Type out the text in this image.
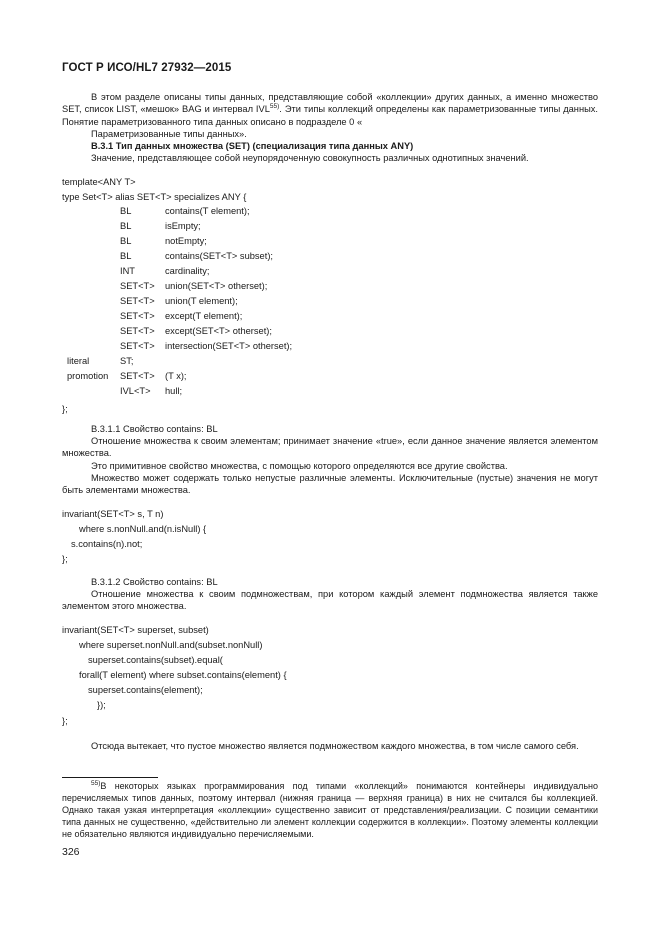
ГОСТ Р ИСО/HL7 27932—2015
В этом разделе описаны типы данных, представляющие собой «коллекции» других данных, а именно множество SET, список LIST, «мешок» BAG и интервал IVL$^{55)}$. Эти типы коллекций определены как параметризованные типы данных. Понятие параметризованного типа данных описано в подразделе 0 «
Параметризованные типы данных».
В.3.1 Тип данных множества (SET) (специализация типа данных ANY)
Значение, представляющее собой неупорядоченную совокупность различных однотипных значений.
template<ANY T>
type Set<T> alias SET<T> specializes ANY {
BL	contains(T element);
BL	isEmpty;
BL	notEmpty;
BL	contains(SET<T> subset);
INT	cardinality;
SET<T> union(SET<T> otherset);
SET<T> union(T element);
SET<T> except(T element);
SET<T> except(SET<T> otherset);
SET<T> intersection(SET<T> otherset);
literal	ST;
promotion SET<T> (T x);
IVL<T> hull;
};
В.3.1.1 Свойство contains: BL
Отношение множества к своим элементам; принимает значение «true», если данное значение является элементом множества.
Это примитивное свойство множества, с помощью которого определяются все другие свойства.
Множество может содержать только непустые различные элементы. Исключительные (пустые) значения не могут быть элементами множества.
invariant(SET<T> s, T n)
where s.nonNull.and(n.isNull) {
s.contains(n).not;
};
В.3.1.2 Свойство contains: BL
Отношение множества к своим подмножествам, при котором каждый элемент подмножества является также элементом этого множества.
invariant(SET<T> superset, subset)
where superset.nonNull.and(subset.nonNull)
superset.contains(subset).equal(
forall(T element) where subset.contains(element) {
superset.contains(element);
});
};
Отсюда вытекает, что пустое множество является подмножеством каждого множества, в том числе самого себя.
$^{55)}$В некоторых языках программирования под типами «коллекций» понимаются контейнеры индивидуально перечисляемых типов данных, поэтому интервал (нижняя граница — верхняя граница) в них не считался бы коллекцией. Однако такая узкая интерпретация «коллекции» существенно зависит от представления/реализации. С позиции семантики типа данных не существенно, «действительно ли элемент коллекции содержится в коллекции». Поэтому элементы коллекции не обязательно являются индивидуально перечисляемыми.
326
